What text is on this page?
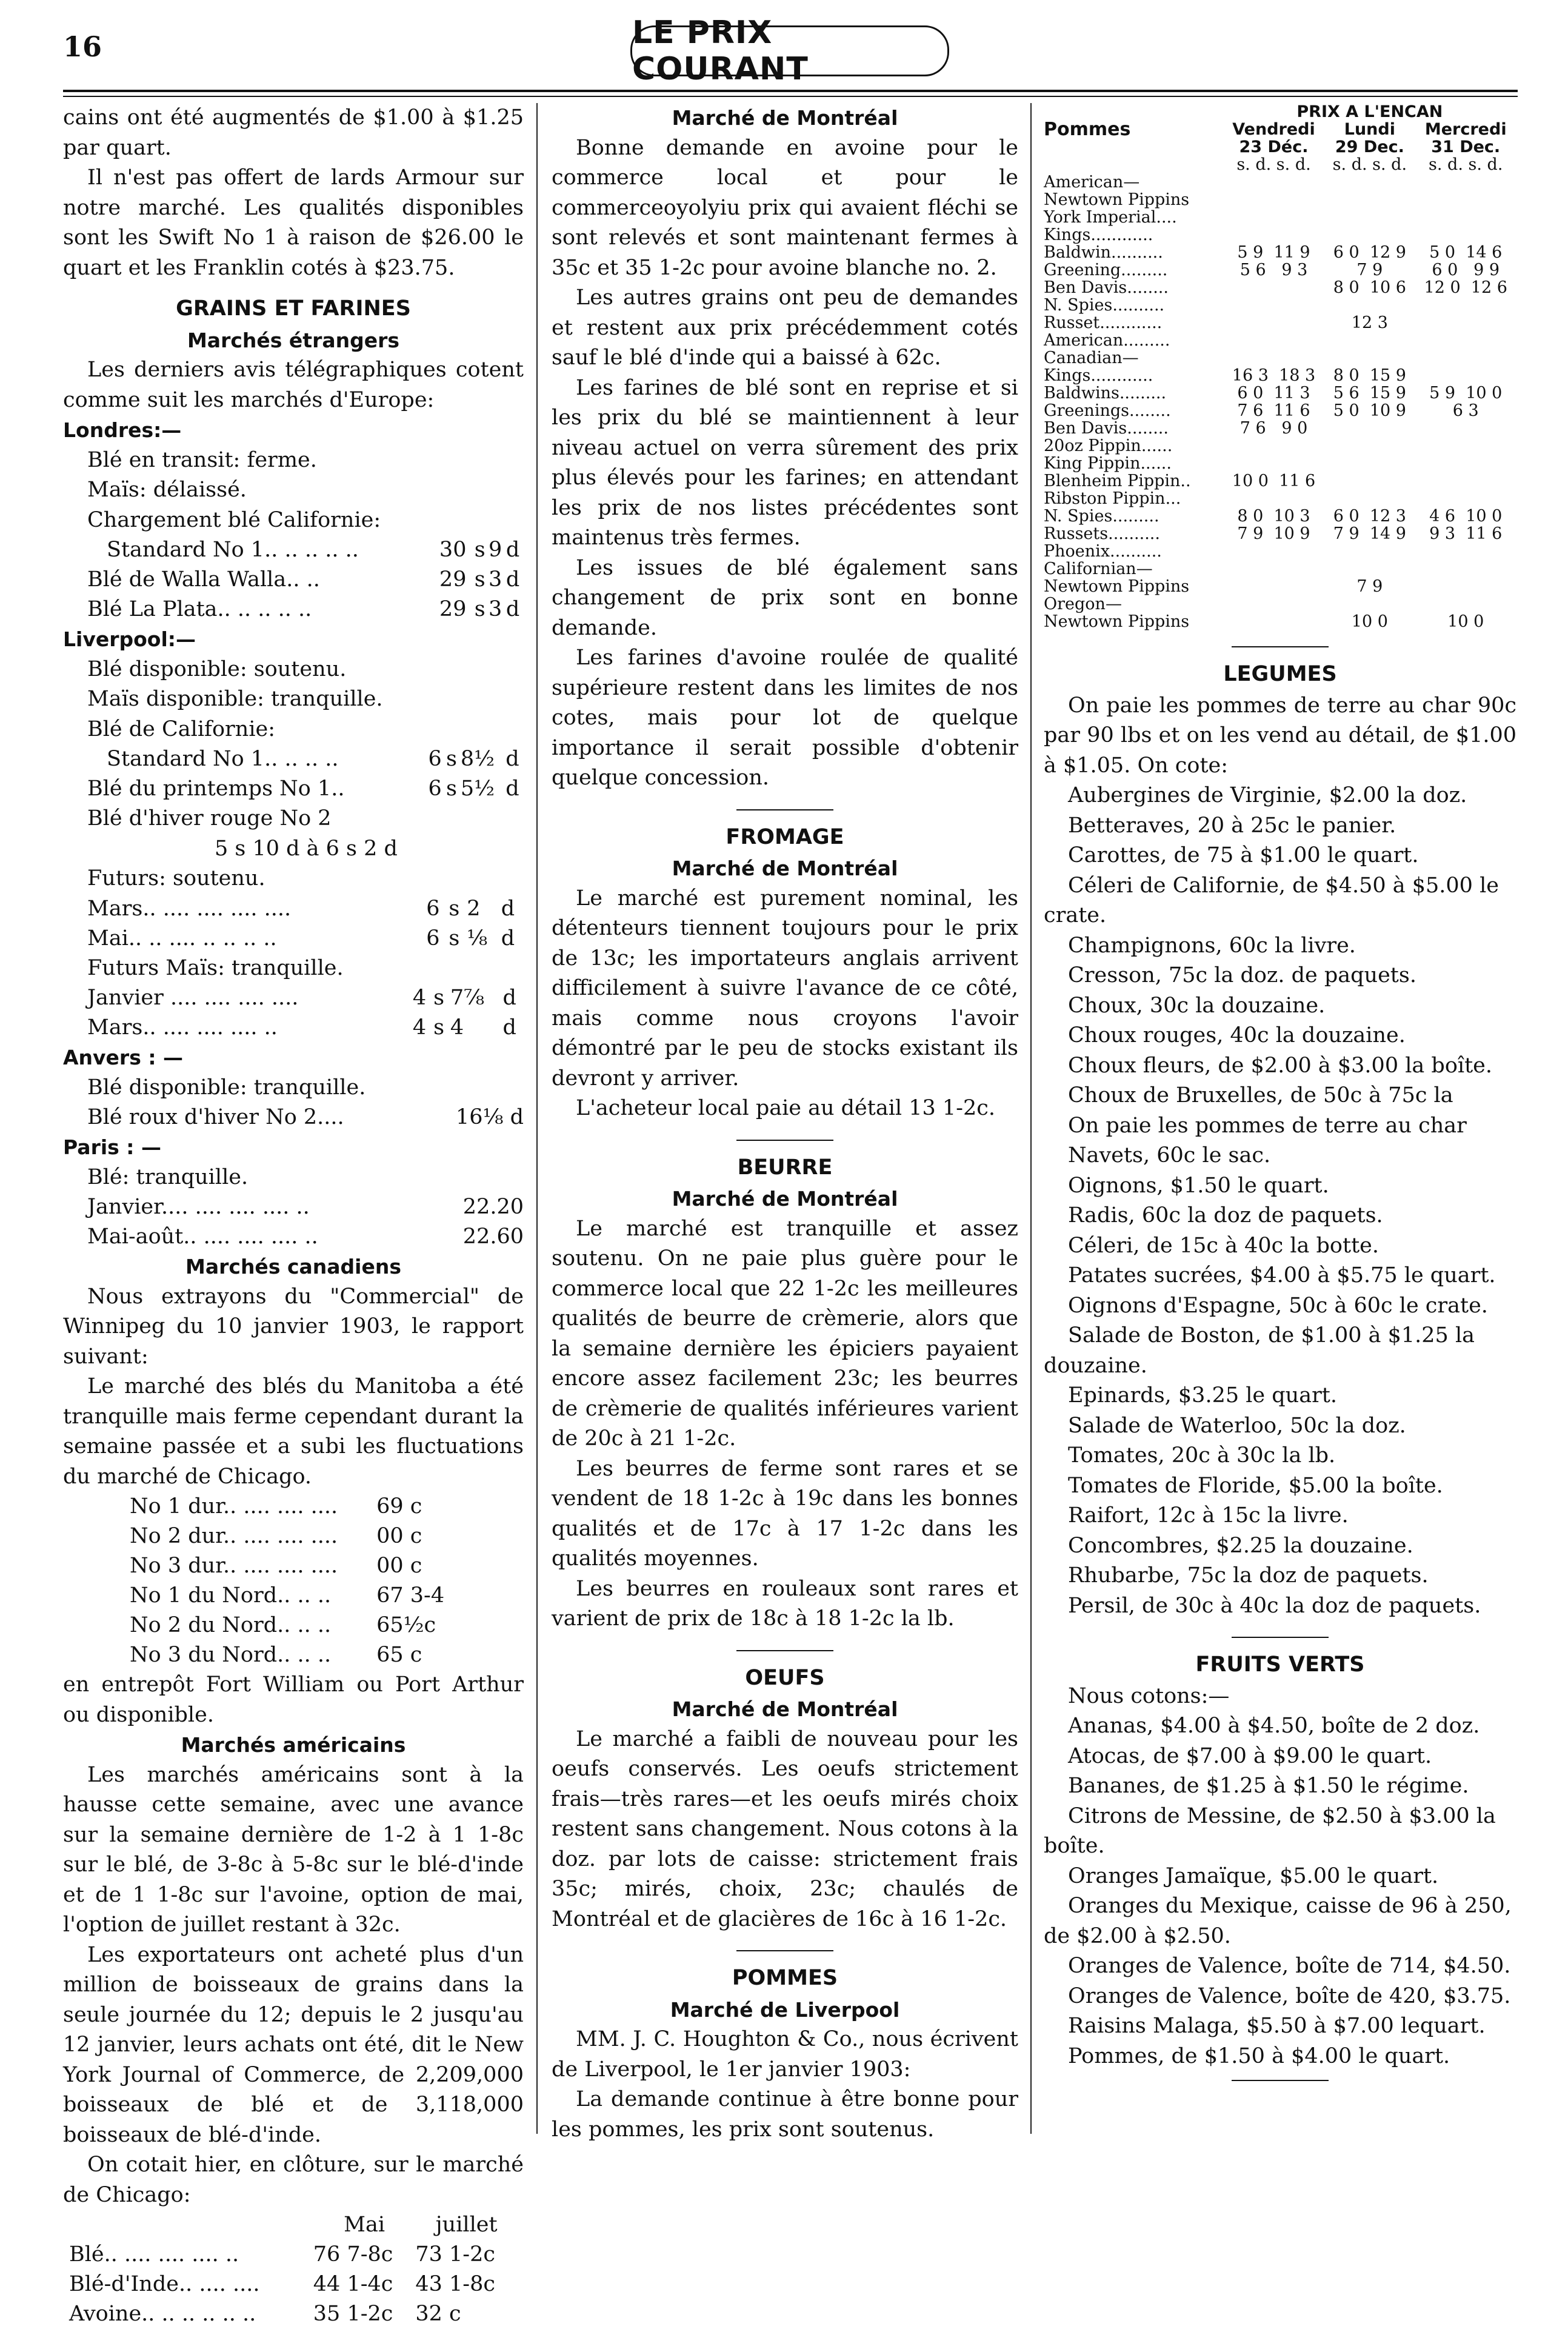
16	LE PRIX COURANT

cains ont été augmentés de $1.00 à $1.25 par quart.

Il n'est pas offert de lards Armour sur notre marché. Les qualités disponibles sont les Swift No 1 à raison de $26.00 le quart et les Franklin cotés à $23.75.

GRAINS ET FARINES
Marchés étrangers

Les derniers avis télégraphiques cotent comme suit les marchés d'Europe:

Londres:—
Blé en transit: ferme.
Maïs: délaissé.
Chargement blé Californie:
Standard No 1.. .. .. .. ..	30	s	9	d
Blé de Walla Walla.. ..	29	s	3	d
Blé La Plata.. .. .. .. ..	29	s	3	d
Liverpool:—
Blé disponible: soutenu.
Maïs disponible: tranquille.
Blé de Californie:
Standard No 1.. .. .. ..	6	s	8½	d
Blé du printemps No 1..	6	s	5½	d
Blé d'hiver rouge No 2
5 s 10 d à 6 s 2 d
Futurs: soutenu.
Mars.. .... .... .... ....	6	s	2	d
Mai.. .. .... .. .. .. ..	6	s	⅛	d
Futurs Maïs: tranquille.
Janvier .... .... .... ....	4	s	7⅞	d
Mars.. .... .... .... ..	4	s	4	d
Anvers : —
Blé disponible: tranquille.
Blé roux d'hiver No 2....	16⅛ d
Paris : —
Blé: tranquille.
Janvier.... .... .... .... ..	22.20
Mai-août.. .... .... .... ..	22.60
Marchés canadiens

Nous extrayons du "Commercial" de Winnipeg du 10 janvier 1903, le rapport suivant:

Le marché des blés du Manitoba a été tranquille mais ferme cependant durant la semaine passée et a subi les fluctuations du marché de Chicago.

No 1 dur.. .... .... ....	69 c
No 2 dur.. .... .... ....	00 c
No 3 dur.. .... .... ....	00 c
No 1 du Nord.. .. ..	67 3-4
No 2 du Nord.. .. ..	65½c
No 3 du Nord.. .. ..	65 c

en entrepôt Fort William ou Port Arthur ou disponible.

Marchés américains

Les marchés américains sont à la hausse cette semaine, avec une avance sur la semaine dernière de 1-2 à 1 1-8c sur le blé, de 3-8c à 5-8c sur le blé-d'inde et de 1 1-8c sur l'avoine, option de mai, l'option de juillet restant à 32c.

Les exportateurs ont acheté plus d'un million de boisseaux de grains dans la seule journée du 12; depuis le 2 jusqu'au 12 janvier, leurs achats ont été, dit le New York Journal of Commerce, de 2,209,000 boisseaux de blé et de 3,118,000 boisseaux de blé-d'inde.

On cotait hier, en clôture, sur le marché de Chicago:

	Mai	juillet
Blé.. .... .... .... ..	76 7-8c	73 1-2c
Blé-d'Inde.. .... ....	44 1-4c	43 1-8c
Avoine.. .. .. .. .. ..	35 1-2c	32 c
Marché de Montréal

Bonne demande en avoine pour le commerce local et pour le commerceoyolyiu prix qui avaient fléchi se sont relevés et sont maintenant fermes à 35c et 35 1-2c pour avoine blanche no. 2.

Les autres grains ont peu de demandes et restent aux prix précédemment cotés sauf le blé d'inde qui a baissé à 62c.

Les farines de blé sont en reprise et si les prix du blé se maintiennent à leur niveau actuel on verra sûrement des prix plus élevés pour les farines; en attendant les prix de nos listes précédentes sont maintenus très fermes.

Les issues de blé également sans changement de prix sont en bonne demande.

Les farines d'avoine roulée de qualité supérieure restent dans les limites de nos cotes, mais pour lot de quelque importance il serait possible d'obtenir quelque concession.

FROMAGE
Marché de Montréal

Le marché est purement nominal, les détenteurs tiennent toujours pour le prix de 13c; les importateurs anglais arrivent difficilement à suivre l'avance de ce côté, mais comme nous croyons l'avoir démontré par le peu de stocks existant ils devront y arriver.

L'acheteur local paie au détail 13 1-2c.

BEURRE
Marché de Montréal

Le marché est tranquille et assez soutenu. On ne paie plus guère pour le commerce local que 22 1-2c les meilleures qualités de beurre de crèmerie, alors que la semaine dernière les épiciers payaient encore assez facilement 23c; les beurres de crèmerie de qualités inférieures varient de 20c à 21 1-2c.

Les beurres de ferme sont rares et se vendent de 18 1-2c à 19c dans les bonnes qualités et de 17c à 17 1-2c dans les qualités moyennes.

Les beurres en rouleaux sont rares et varient de prix de 18c à 18 1-2c la lb.

OEUFS
Marché de Montréal

Le marché a faibli de nouveau pour les oeufs conservés. Les oeufs strictement frais—très rares—et les oeufs mirés choix restent sans changement. Nous cotons à la doz. par lots de caisse: strictement frais 35c; mirés, choix, 23c; chaulés de Montréal et de glacières de 16c à 16 1-2c.

POMMES
Marché de Liverpool

MM. J. C. Houghton & Co., nous écrivent de Liverpool, le 1er janvier 1903:

La demande continue à être bonne pour les pommes, les prix sont soutenus.

	PRIX A L'ENCAN		
Pommes	Vendredi	Lundi	Mercredi
	23 Déc.	29 Dec.	31 Dec.
	s. d. s. d.	s. d. s. d.	s. d. s. d.
American—			
Newtown Pippins			
York Imperial....			
Kings............			
Baldwin..........	5 9  11 9	6 0  12 9	5 0  14 6
Greening.........	5 6   9 3	7 9	6 0   9 9
Ben Davis........		8 0  10 6	12 0  12 6
N. Spies..........			
Russet............		12 3	
American.........			
Canadian—			
Kings............	16 3  18 3	8 0  15 9	
Baldwins.........	6 0  11 3	5 6  15 9	5 9  10 0
Greenings........	7 6  11 6	5 0  10 9	6 3
Ben Davis........	7 6   9 0		
20oz Pippin......			
King Pippin......			
Blenheim Pippin..	10 0  11 6		
Ribston Pippin...			
N. Spies.........	8 0  10 3	6 0  12 3	4 6  10 0
Russets..........	7 9  10 9	7 9  14 9	9 3  11 6
Phoenix..........			
Californian—			
Newtown Pippins		7 9	
Oregon—			
Newtown Pippins		10 0	10 0
LEGUMES

On paie les pommes de terre au char 90c par 90 lbs et on les vend au détail, de $1.00 à $1.05. On cote:

Aubergines de Virginie, $2.00 la doz.
Betteraves, 20 à 25c le panier.
Carottes, de 75 à $1.00 le quart.
Céleri de Californie, de $4.50 à $5.00 le crate.
Champignons, 60c la livre.
Cresson, 75c la doz. de paquets.
Choux, 30c la douzaine.
Choux rouges, 40c la douzaine.
Choux fleurs, de $2.00 à $3.00 la boîte.
Choux de Bruxelles, de 50c à 75c la
On paie les pommes de terre au char
Navets, 60c le sac.
Oignons, $1.50 le quart.
Radis, 60c la doz de paquets.
Céleri, de 15c à 40c la botte.
Patates sucrées, $4.00 à $5.75 le quart.
Oignons d'Espagne, 50c à 60c le crate.
Salade de Boston, de $1.00 à $1.25 la douzaine.
Epinards, $3.25 le quart.
Salade de Waterloo, 50c la doz.
Tomates, 20c à 30c la lb.
Tomates de Floride, $5.00 la boîte.
Raifort, 12c à 15c la livre.
Concombres, $2.25 la douzaine.
Rhubarbe, 75c la doz de paquets.
Persil, de 30c à 40c la doz de paquets.
FRUITS VERTS
Nous cotons:—
Ananas, $4.00 à $4.50, boîte de 2 doz.
Atocas, de $7.00 à $9.00 le quart.
Bananes, de $1.25 à $1.50 le régime.
Citrons de Messine, de $2.50 à $3.00 la boîte.
Oranges Jamaïque, $5.00 le quart.
Oranges du Mexique, caisse de 96 à 250, de $2.00 à $2.50.
Oranges de Valence, boîte de 714, $4.50.
Oranges de Valence, boîte de 420, $3.75.
Raisins Malaga, $5.50 à $7.00 lequart.
Pommes, de $1.50 à $4.00 le quart.
